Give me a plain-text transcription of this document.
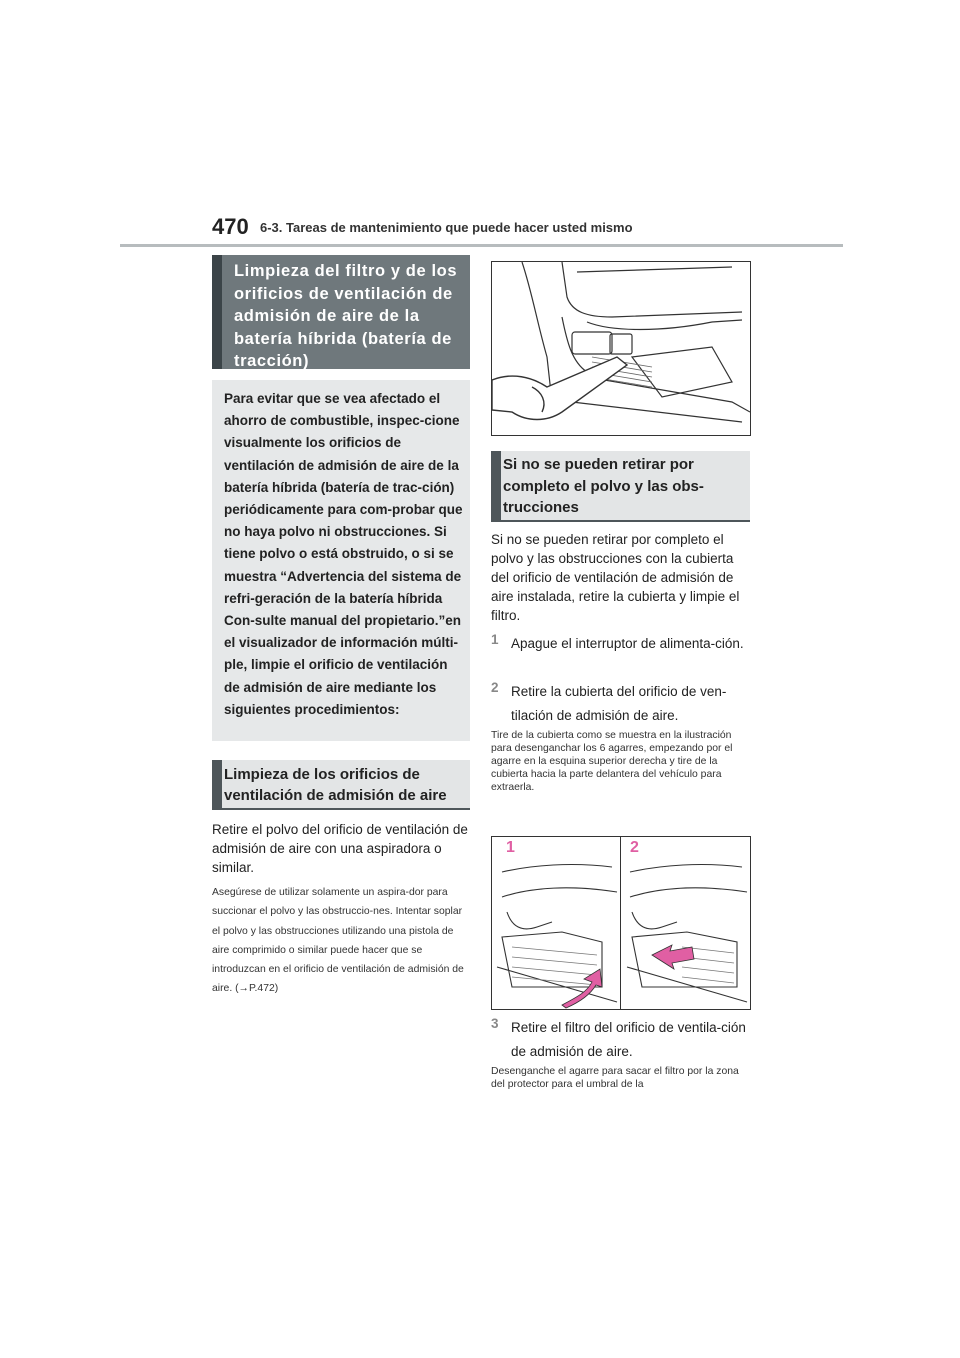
470 6-3. Tareas de mantenimiento que puede hacer usted mismo
Limpieza del filtro y de los orificios de ventilación de admisión de aire de la batería híbrida (batería de tracción)
Para evitar que se vea afectado el ahorro de combustible, inspec-cione visualmente los orificios de ventilación de admisión de aire de la batería híbrida (batería de trac-ción) periódicamente para com-probar que no haya polvo ni obstrucciones. Si tiene polvo o está obstruido, o si se muestra “Advertencia del sistema de refri-geración de la batería híbrida Con-sulte manual del propietario.”en el visualizador de información múlti-ple, limpie el orificio de ventilación de admisión de aire mediante los siguientes procedimientos:
Limpieza de los orificios de ventilación de admisión de aire
Retire el polvo del orificio de ventilación de admisión de aire con una aspiradora o similar.
Asegúrese de utilizar solamente un aspira-dor para succionar el polvo y las obstruccio-nes. Intentar soplar el polvo y las obstrucciones utilizando una pistola de aire comprimido o similar puede hacer que se introduzcan en el orificio de ventilación de admisión de aire. (→P.472)
Si no se pueden retirar por completo el polvo y las obs-trucciones
Si no se pueden retirar por completo el polvo y las obstrucciones con la cubierta del orificio de ventilación de admisión de aire instalada, retire la cubierta y limpie el filtro.
1 Apague el interruptor de alimenta-ción.
2 Retire la cubierta del orificio de ven-tilación de admisión de aire.
Tire de la cubierta como se muestra en la ilustración para desenganchar los 6 agarres, empezando por el agarre en la esquina superior derecha y tire de la cubierta hacia la parte delantera del vehículo para extraerla.
1	2
3 Retire el filtro del orificio de ventila-ción de admisión de aire.
Desenganche el agarre para sacar el filtro por la zona del protector para el umbral de la
